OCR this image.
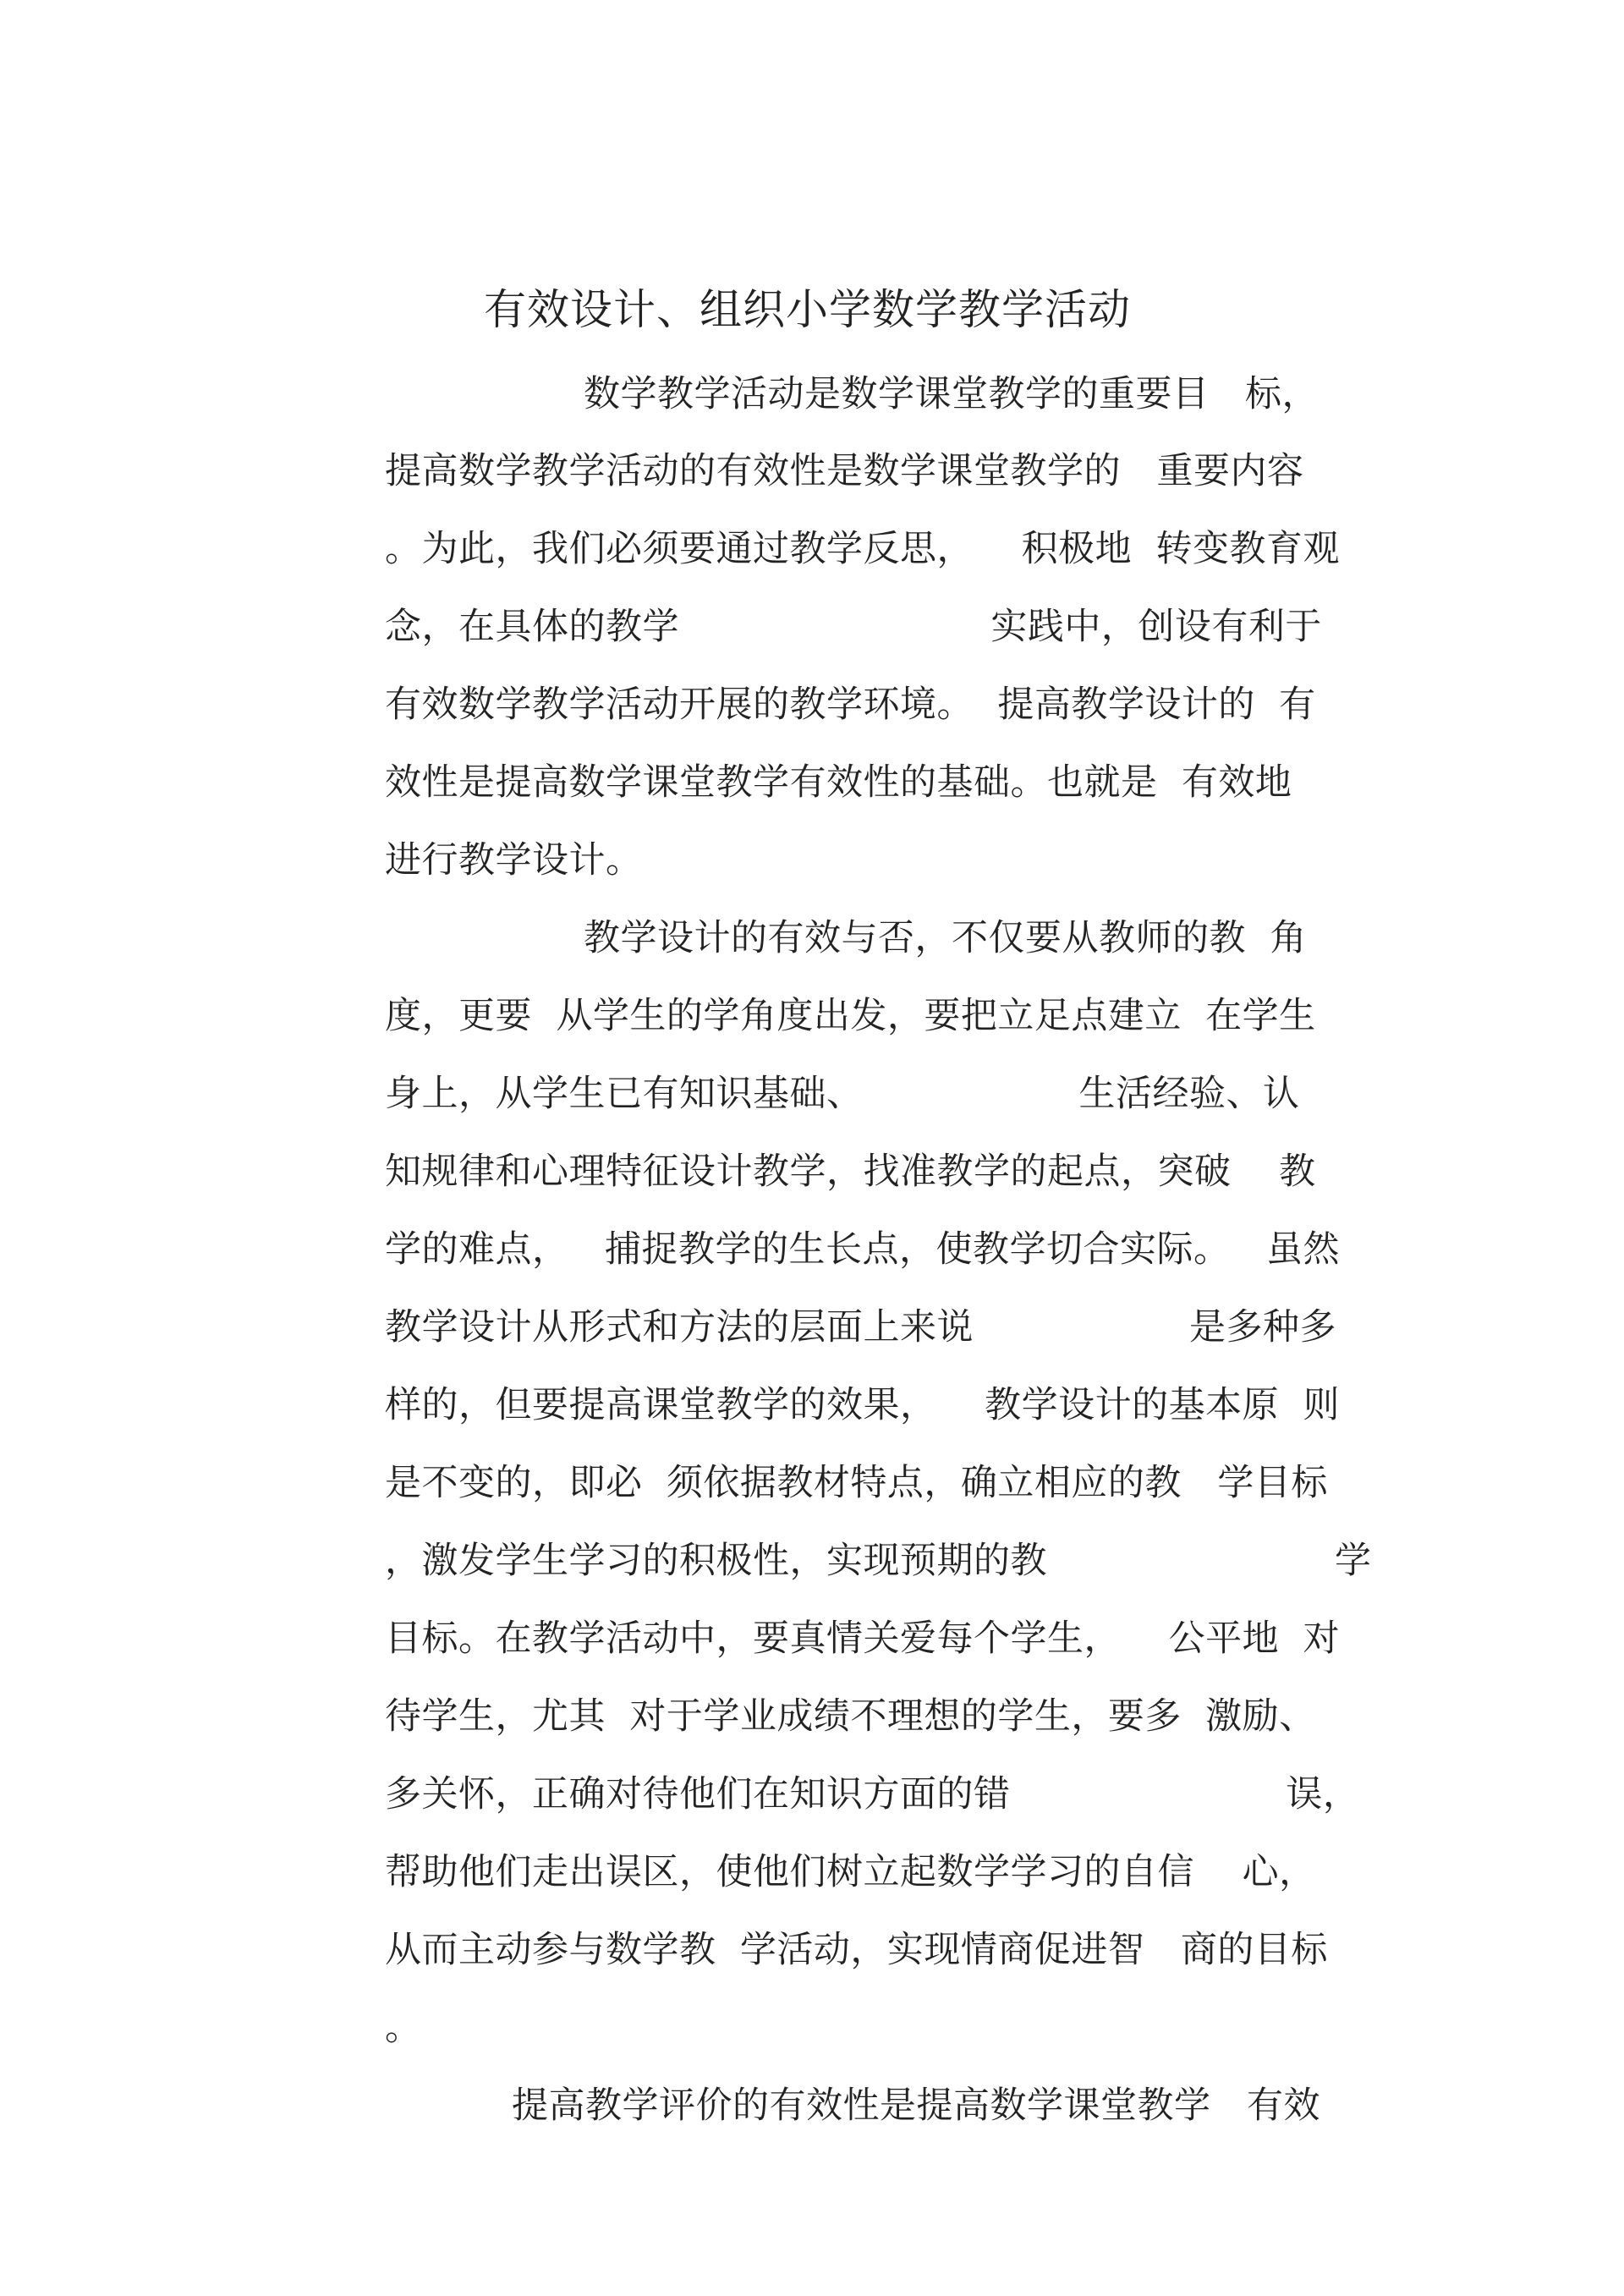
有效设计、组织小学数学教学活动
数学教学活动是数学课堂教学的重要目   标，
提高数学教学活动的有效性是数学课堂教学的   重要内容
。为此，我们必须要通过教学反思，    积极地  转变教育观
念，在具体的教学                          实践中，创设有利于
有效数学教学活动开展的教学环境。  提高教学设计的  有
效性是提高数学课堂教学有效性的基础。也就是  有效地
进行教学设计。
教学设计的有效与否，不仅要从教师的教  角
度，更要  从学生的学角度出发，要把立足点建立  在学生
身上，从学生已有知识基础、                  生活经验、认
知规律和心理特征设计教学，找准教学的起点，突破    教
学的难点，   捕捉教学的生长点，使教学切合实际。   虽然
教学设计从形式和方法的层面上来说                  是多种多
样的，但要提高课堂教学的效果，    教学设计的基本原  则
是不变的，即必  须依据教材特点，确立相应的教   学目标
，激发学生学习的积极性，实现预期的教                        学
目标。在教学活动中，要真情关爱每个学生，    公平地  对
待学生，尤其  对于学业成绩不理想的学生，要多  激励、
多关怀，正确对待他们在知识方面的错                       误，
帮助他们走出误区，使他们树立起数学学习的自信    心，
从而主动参与数学教  学活动，实现情商促进智   商的目标
。
提高教学评价的有效性是提高数学课堂教学   有效
